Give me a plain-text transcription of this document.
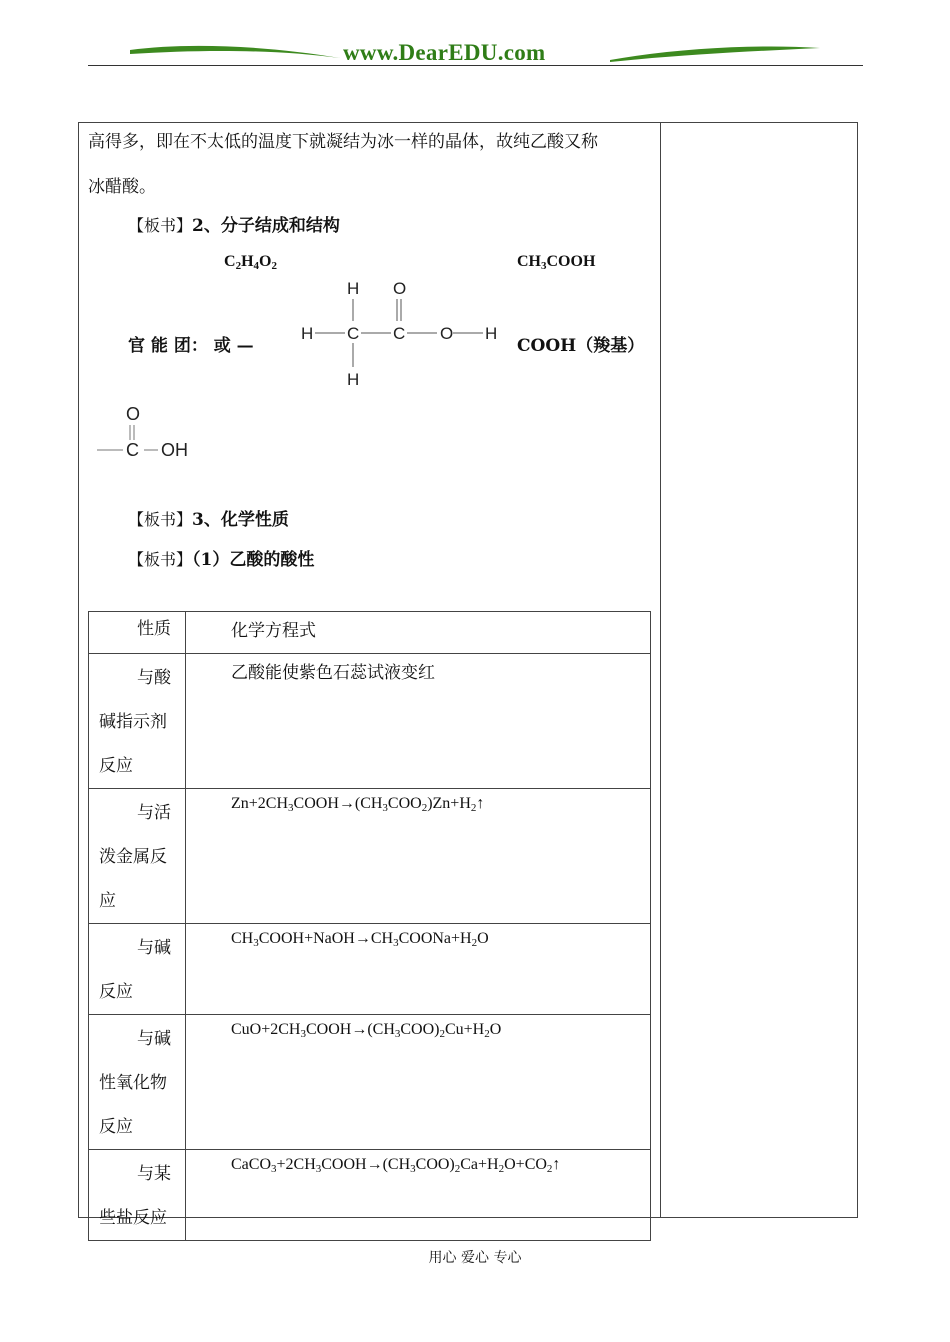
www.DearEDU.com
高得多，即在不太低的温度下就凝结为冰一样的晶体，故纯乙酸又称
冰醋酸。
【板书】2、分子结成和结构
$C_2H_4O_2$	$CH_3COOH$
官 能 团： 或 —	COOH（羧基）
H O
H C C O H
H
O
C OH
【板书】3、化学性质
【板书】（1）乙酸的酸性
性质	化学方程式

与酸
碱指示剂
反应	乙酸能使紫色石蕊试液变红

与活
泼金属反
应	$Zn+2CH_3COOH\to(CH_3COO_2)Zn+H_2↑$

与碱
反应	$CH_3COOH+NaOH\to CH_3COONa+H_2O$

与碱
性氧化物
反应	$CuO+2CH_3COOH\to(CH_3COO)_2Cu+H_2O$

与某
些盐反应	$CaCO_3+2CH_3COOH\to(CH_3COO)_2Ca+H_2O+CO_2↑$
用心 爱心 专心
